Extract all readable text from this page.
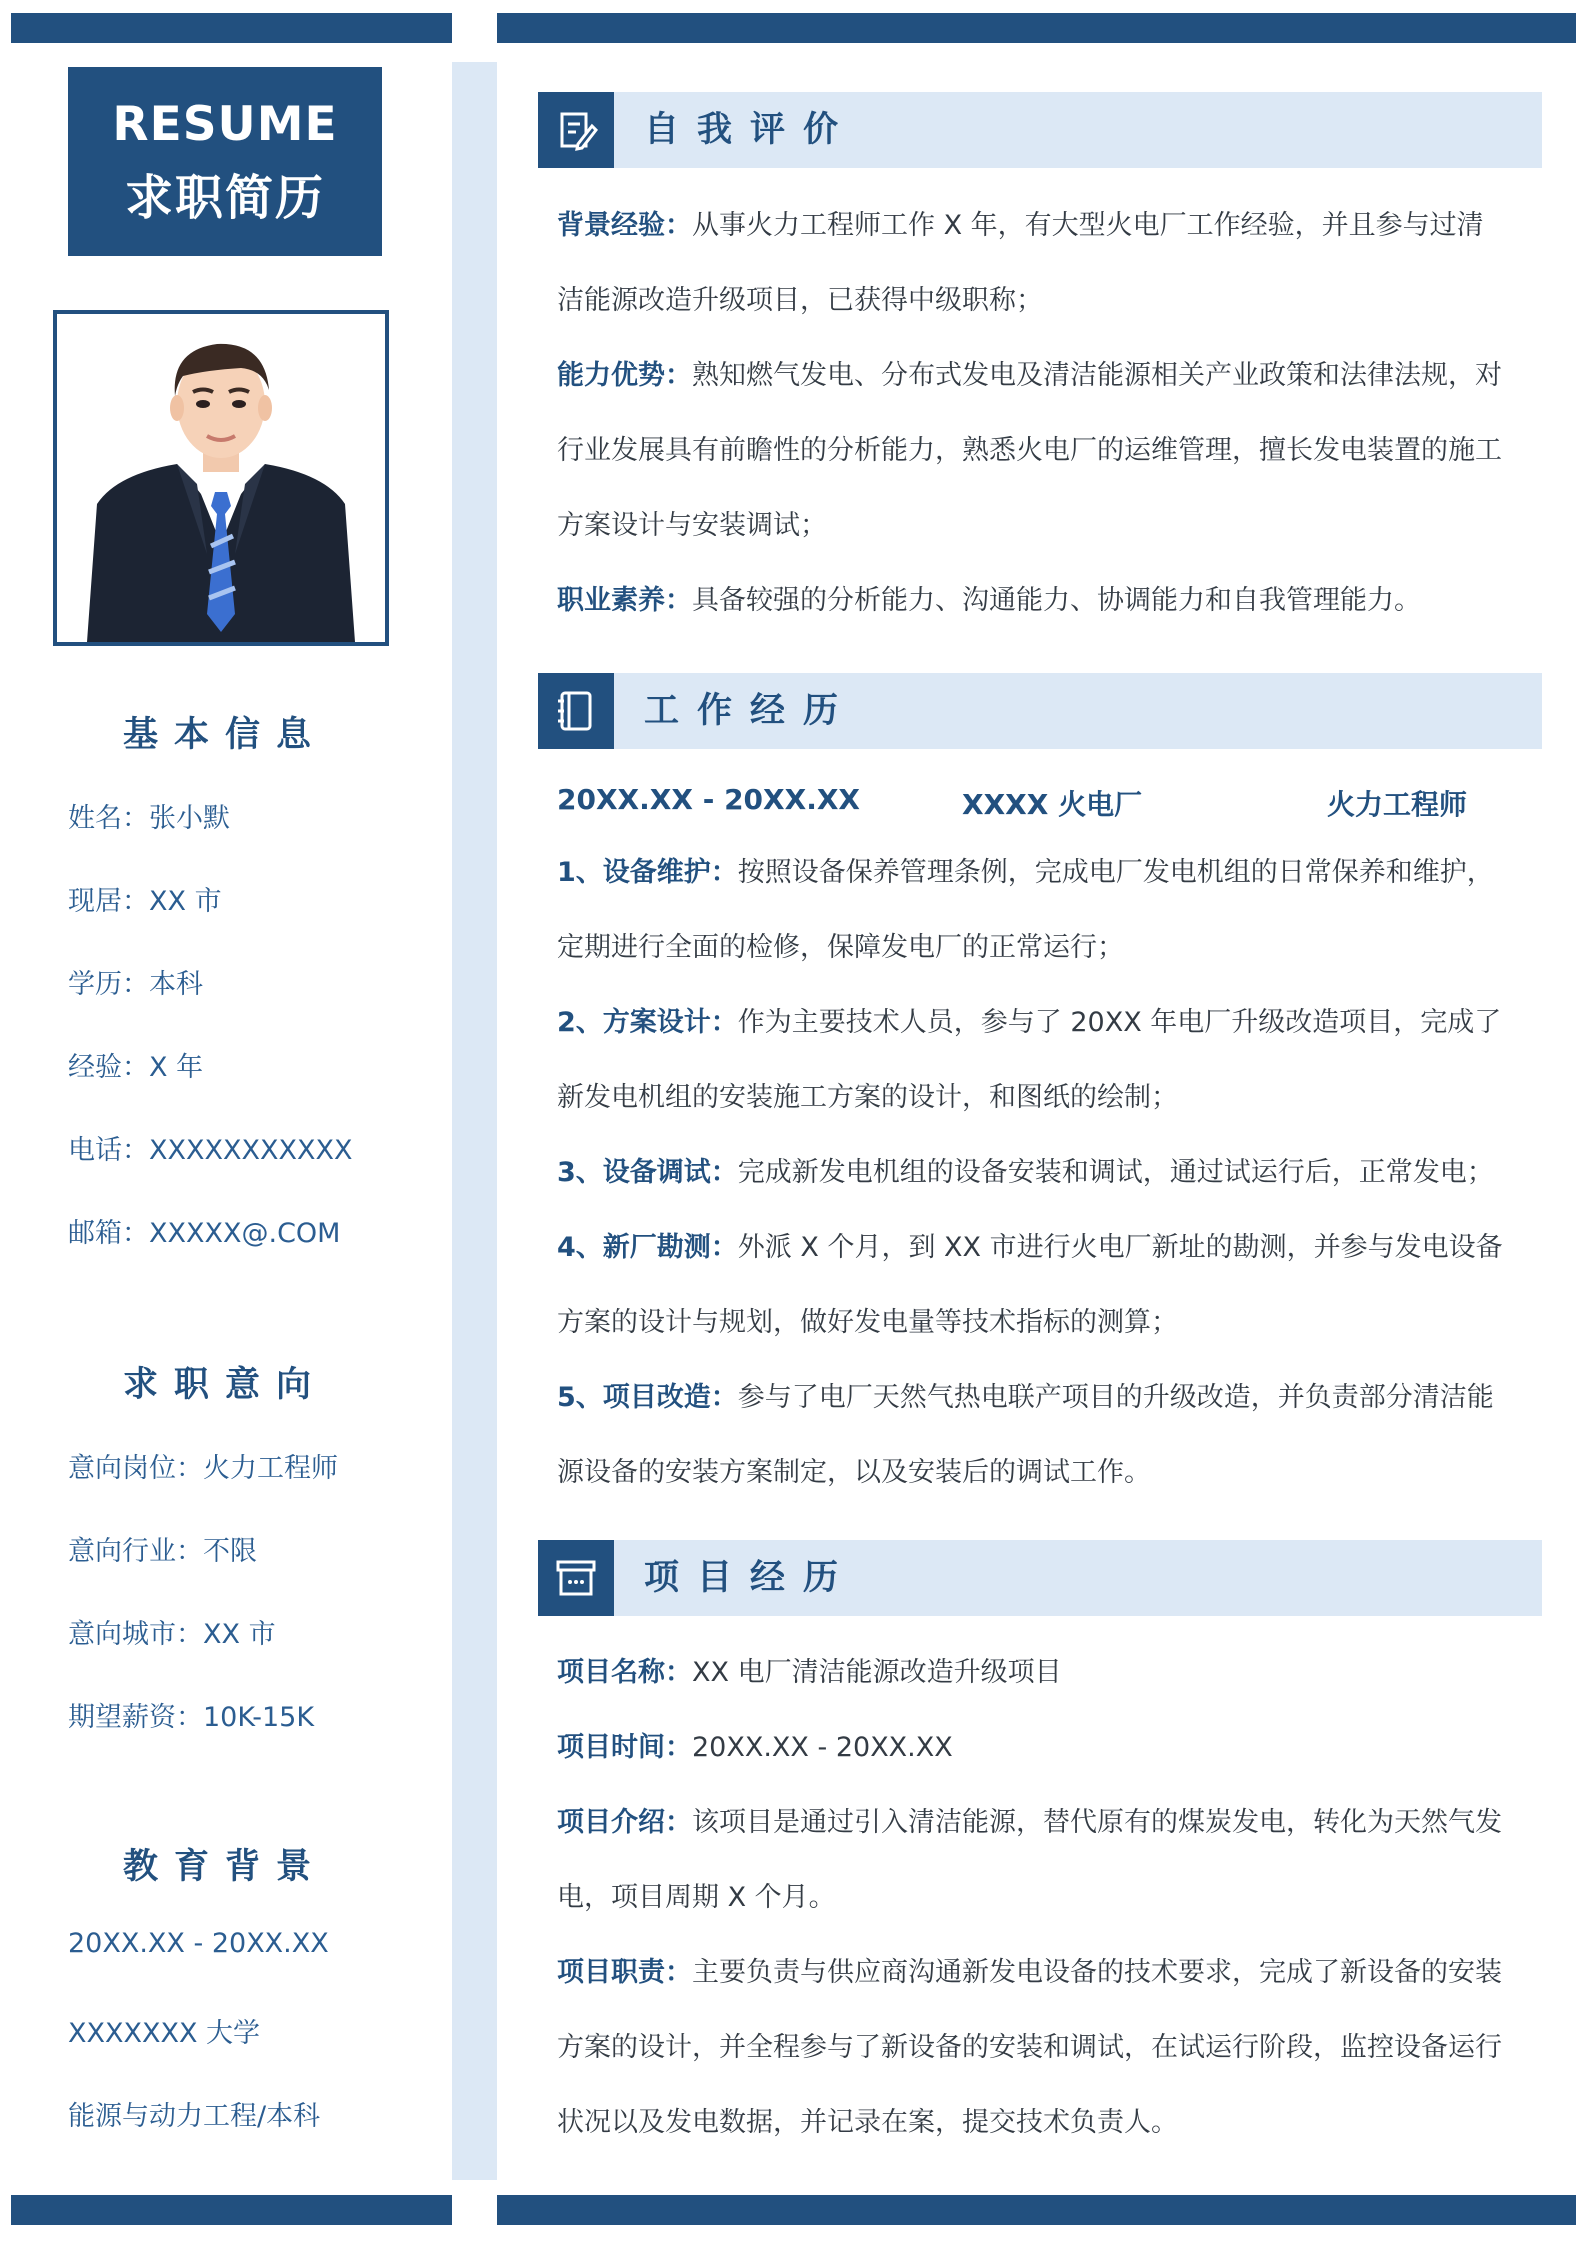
RESUME
求职简历
基本信息
姓名：张小默
现居：XX 市
学历：本科
经验：X 年
电话：XXXXXXXXXXX
邮箱：XXXXX@.COM
求职意向
意向岗位：火力工程师
意向行业：不限
意向城市：XX 市
期望薪资：10K-15K
教育背景
20XX.XX - 20XX.XX
XXXXXXX 大学
能源与动力工程/本科
自我评价
背景经验：从事火力工程师工作 X 年，有大型火电厂工作经验，并且参与过清
洁能源改造升级项目，已获得中级职称；
能力优势：熟知燃气发电、分布式发电及清洁能源相关产业政策和法律法规，对
行业发展具有前瞻性的分析能力，熟悉火电厂的运维管理，擅长发电装置的施工
方案设计与安装调试；
职业素养：具备较强的分析能力、沟通能力、协调能力和自我管理能力。
工作经历
20XX.XX - 20XX.XX	XXXX 火电厂	火力工程师
1、设备维护：按照设备保养管理条例，完成电厂发电机组的日常保养和维护，
定期进行全面的检修，保障发电厂的正常运行；
2、方案设计：作为主要技术人员，参与了 20XX 年电厂升级改造项目，完成了
新发电机组的安装施工方案的设计，和图纸的绘制；
3、设备调试：完成新发电机组的设备安装和调试，通过试运行后，正常发电；
4、新厂勘测：外派 X 个月，到 XX 市进行火电厂新址的勘测，并参与发电设备
方案的设计与规划，做好发电量等技术指标的测算；
5、项目改造：参与了电厂天然气热电联产项目的升级改造，并负责部分清洁能
源设备的安装方案制定，以及安装后的调试工作。
项目经历
项目名称：XX 电厂清洁能源改造升级项目
项目时间：20XX.XX - 20XX.XX
项目介绍：该项目是通过引入清洁能源，替代原有的煤炭发电，转化为天然气发
电，项目周期 X 个月。
项目职责：主要负责与供应商沟通新发电设备的技术要求，完成了新设备的安装
方案的设计，并全程参与了新设备的安装和调试，在试运行阶段，监控设备运行
状况以及发电数据，并记录在案，提交技术负责人。
